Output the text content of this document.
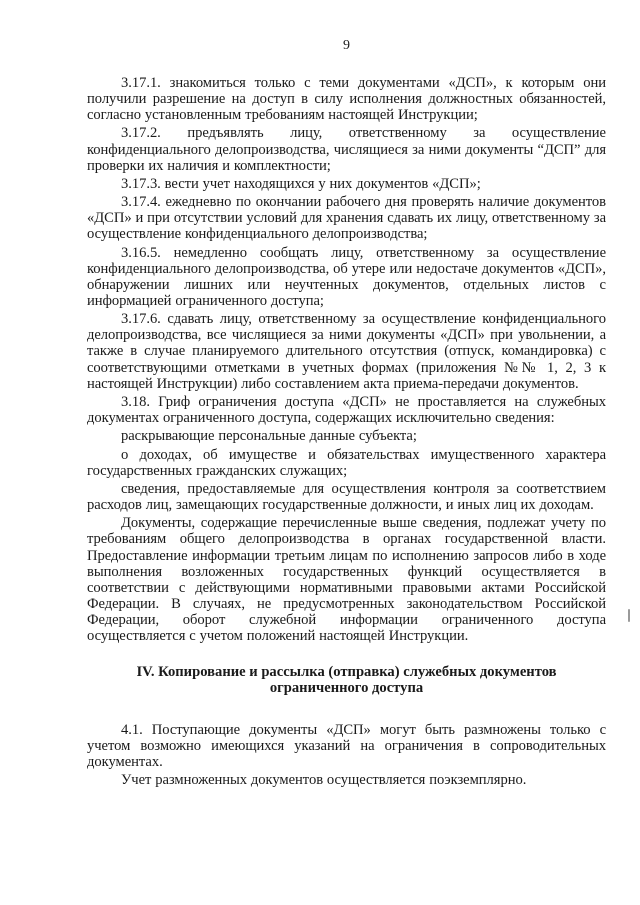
9

3.17.1. знакомиться только с теми документами «ДСП», к которым они получили разрешение на доступ в силу исполнения должностных обязанностей, согласно установленным требованиям настоящей Инструкции;

3.17.2. предъявлять лицу, ответственному за осуществление конфиденциального делопроизводства, числящиеся за ними документы “ДСП” для проверки их наличия и комплектности;

3.17.3. вести учет находящихся у них документов «ДСП»;

3.17.4. ежедневно по окончании рабочего дня проверять наличие документов «ДСП» и при отсутствии условий для хранения сдавать их лицу, ответственному за осуществление конфиденциального делопроизводства;

3.16.5. немедленно сообщать лицу, ответственному за осуществление конфиденциального делопроизводства, об утере или недостаче документов «ДСП», обнаружении лишних или неучтенных документов, отдельных листов с информацией ограниченного доступа;

3.17.6. сдавать лицу, ответственному за осуществление конфиденциального делопроизводства, все числящиеся за ними документы «ДСП» при увольнении, а также в случае планируемого длительного отсутствия (отпуск, командировка) с соответствующими отметками в учетных формах (приложения №№ 1, 2, 3 к настоящей Инструкции) либо составлением акта приема-передачи документов.

3.18. Гриф ограничения доступа «ДСП» не проставляется на служебных документах ограниченного доступа, содержащих исключительно сведения:

раскрывающие персональные данные субъекта;

о доходах, об имуществе и обязательствах имущественного характера государственных гражданских служащих;

сведения, предоставляемые для осуществления контроля за соответствием расходов лиц, замещающих государственные должности, и иных лиц их доходам.

Документы, содержащие перечисленные выше сведения, подлежат учету по требованиям общего делопроизводства в органах государственной власти. Предоставление информации третьим лицам по исполнению запросов либо в ходе выполнения возложенных государственных функций осуществляется в соответствии с действующими нормативными правовыми актами Российской Федерации. В случаях, не предусмотренных законодательством Российской Федерации, оборот служебной информации ограниченного доступа осуществляется с учетом положений настоящей Инструкции.

IV. Копирование и рассылка (отправка) служебных документов ограниченного доступа

4.1. Поступающие документы «ДСП» могут быть размножены только с учетом возможно имеющихся указаний на ограничения в сопроводительных документах.

Учет размноженных документов осуществляется поэкземплярно.
